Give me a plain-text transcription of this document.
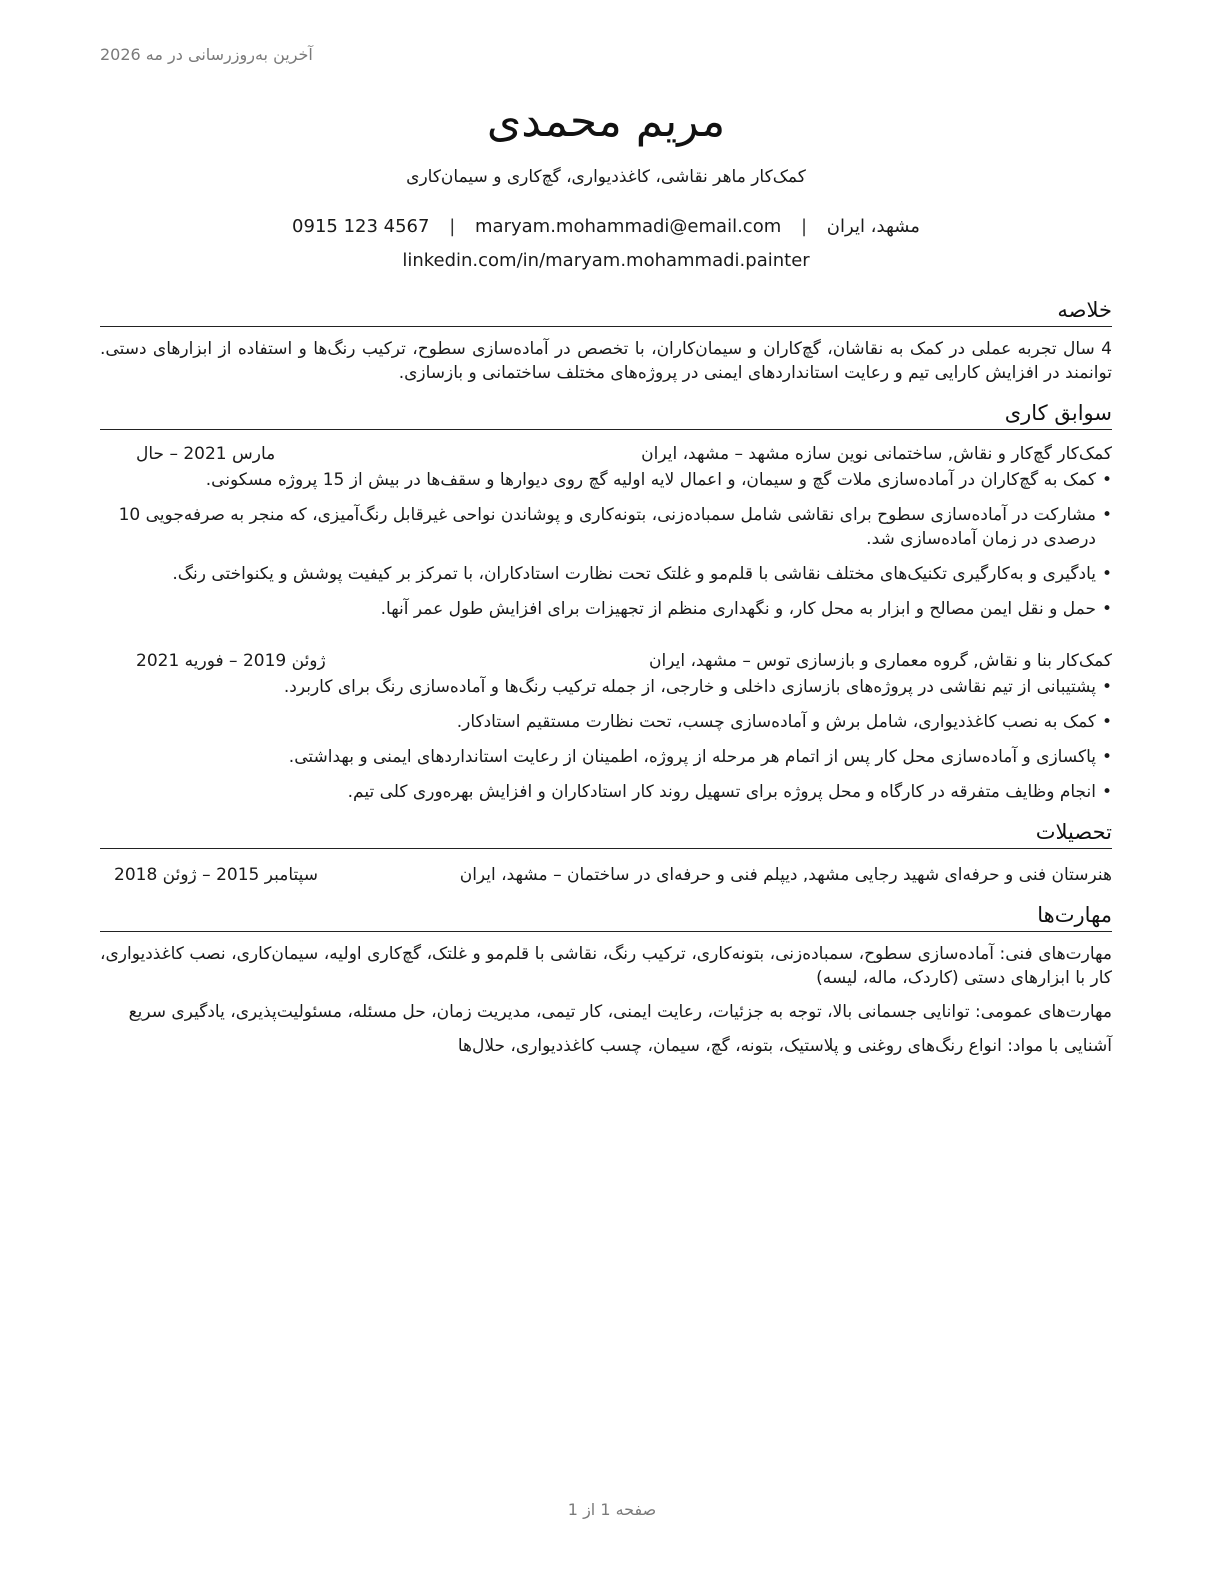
آخرین به‌روزرسانی در مه 2026
مریم محمدی
کمک‌کار ماهر نقاشی، کاغذدیواری، گچ‌کاری و سیمان‌کاری
مشهد، ایران | maryam.mohammadi@email.com | 0915 123 4567
linkedin.com/in/maryam.mohammadi.painter
خلاصه
4 سال تجربه عملی در کمک به نقاشان، گچ‌کاران و سیمان‌کاران، با تخصص در آماده‌سازی سطوح، ترکیب رنگ‌ها و استفاده از ابزارهای دستی. توانمند در افزایش کارایی تیم و رعایت استانداردهای ایمنی در پروژه‌های مختلف ساختمانی و بازسازی.
سوابق کاری
کمک‌کار گچ‌کار و نقاش, ساختمانی نوین سازه مشهد – مشهد، ایران
مارس 2021 – حال
• کمک به گچ‌کاران در آماده‌سازی ملات گچ و سیمان، و اعمال لایه اولیه گچ روی دیوارها و سقف‌ها در بیش از 15 پروژه مسکونی.
• مشارکت در آماده‌سازی سطوح برای نقاشی شامل سمباده‌زنی، بتونه‌کاری و پوشاندن نواحی غیرقابل رنگ‌آمیزی، که منجر به صرفه‌جویی 10 درصدی در زمان آماده‌سازی شد.
• یادگیری و به‌کارگیری تکنیک‌های مختلف نقاشی با قلم‌مو و غلتک تحت نظارت استادکاران، با تمرکز بر کیفیت پوشش و یکنواختی رنگ.
• حمل و نقل ایمن مصالح و ابزار به محل کار، و نگهداری منظم از تجهیزات برای افزایش طول عمر آنها.
کمک‌کار بنا و نقاش, گروه معماری و بازسازی توس – مشهد، ایران
ژوئن 2019 – فوریه 2021
• پشتیبانی از تیم نقاشی در پروژه‌های بازسازی داخلی و خارجی، از جمله ترکیب رنگ‌ها و آماده‌سازی رنگ برای کاربرد.
• کمک به نصب کاغذدیواری، شامل برش و آماده‌سازی چسب، تحت نظارت مستقیم استادکار.
• پاکسازی و آماده‌سازی محل کار پس از اتمام هر مرحله از پروژه، اطمینان از رعایت استانداردهای ایمنی و بهداشتی.
• انجام وظایف متفرقه در کارگاه و محل پروژه برای تسهیل روند کار استادکاران و افزایش بهره‌وری کلی تیم.
تحصیلات
هنرستان فنی و حرفه‌ای شهید رجایی مشهد, دیپلم فنی و حرفه‌ای در ساختمان – مشهد، ایران
سپتامبر 2015 – ژوئن 2018
مهارت‌ها
مهارت‌های فنی: آماده‌سازی سطوح، سمباده‌زنی، بتونه‌کاری، ترکیب رنگ، نقاشی با قلم‌مو و غلتک، گچ‌کاری اولیه، سیمان‌کاری، نصب کاغذدیواری، کار با ابزارهای دستی (کاردک، ماله، لیسه)
مهارت‌های عمومی: توانایی جسمانی بالا، توجه به جزئیات، رعایت ایمنی، کار تیمی، مدیریت زمان، حل مسئله، مسئولیت‌پذیری، یادگیری سریع
آشنایی با مواد: انواع رنگ‌های روغنی و پلاستیک، بتونه، گچ، سیمان، چسب کاغذدیواری، حلال‌ها
صفحه 1 از 1
